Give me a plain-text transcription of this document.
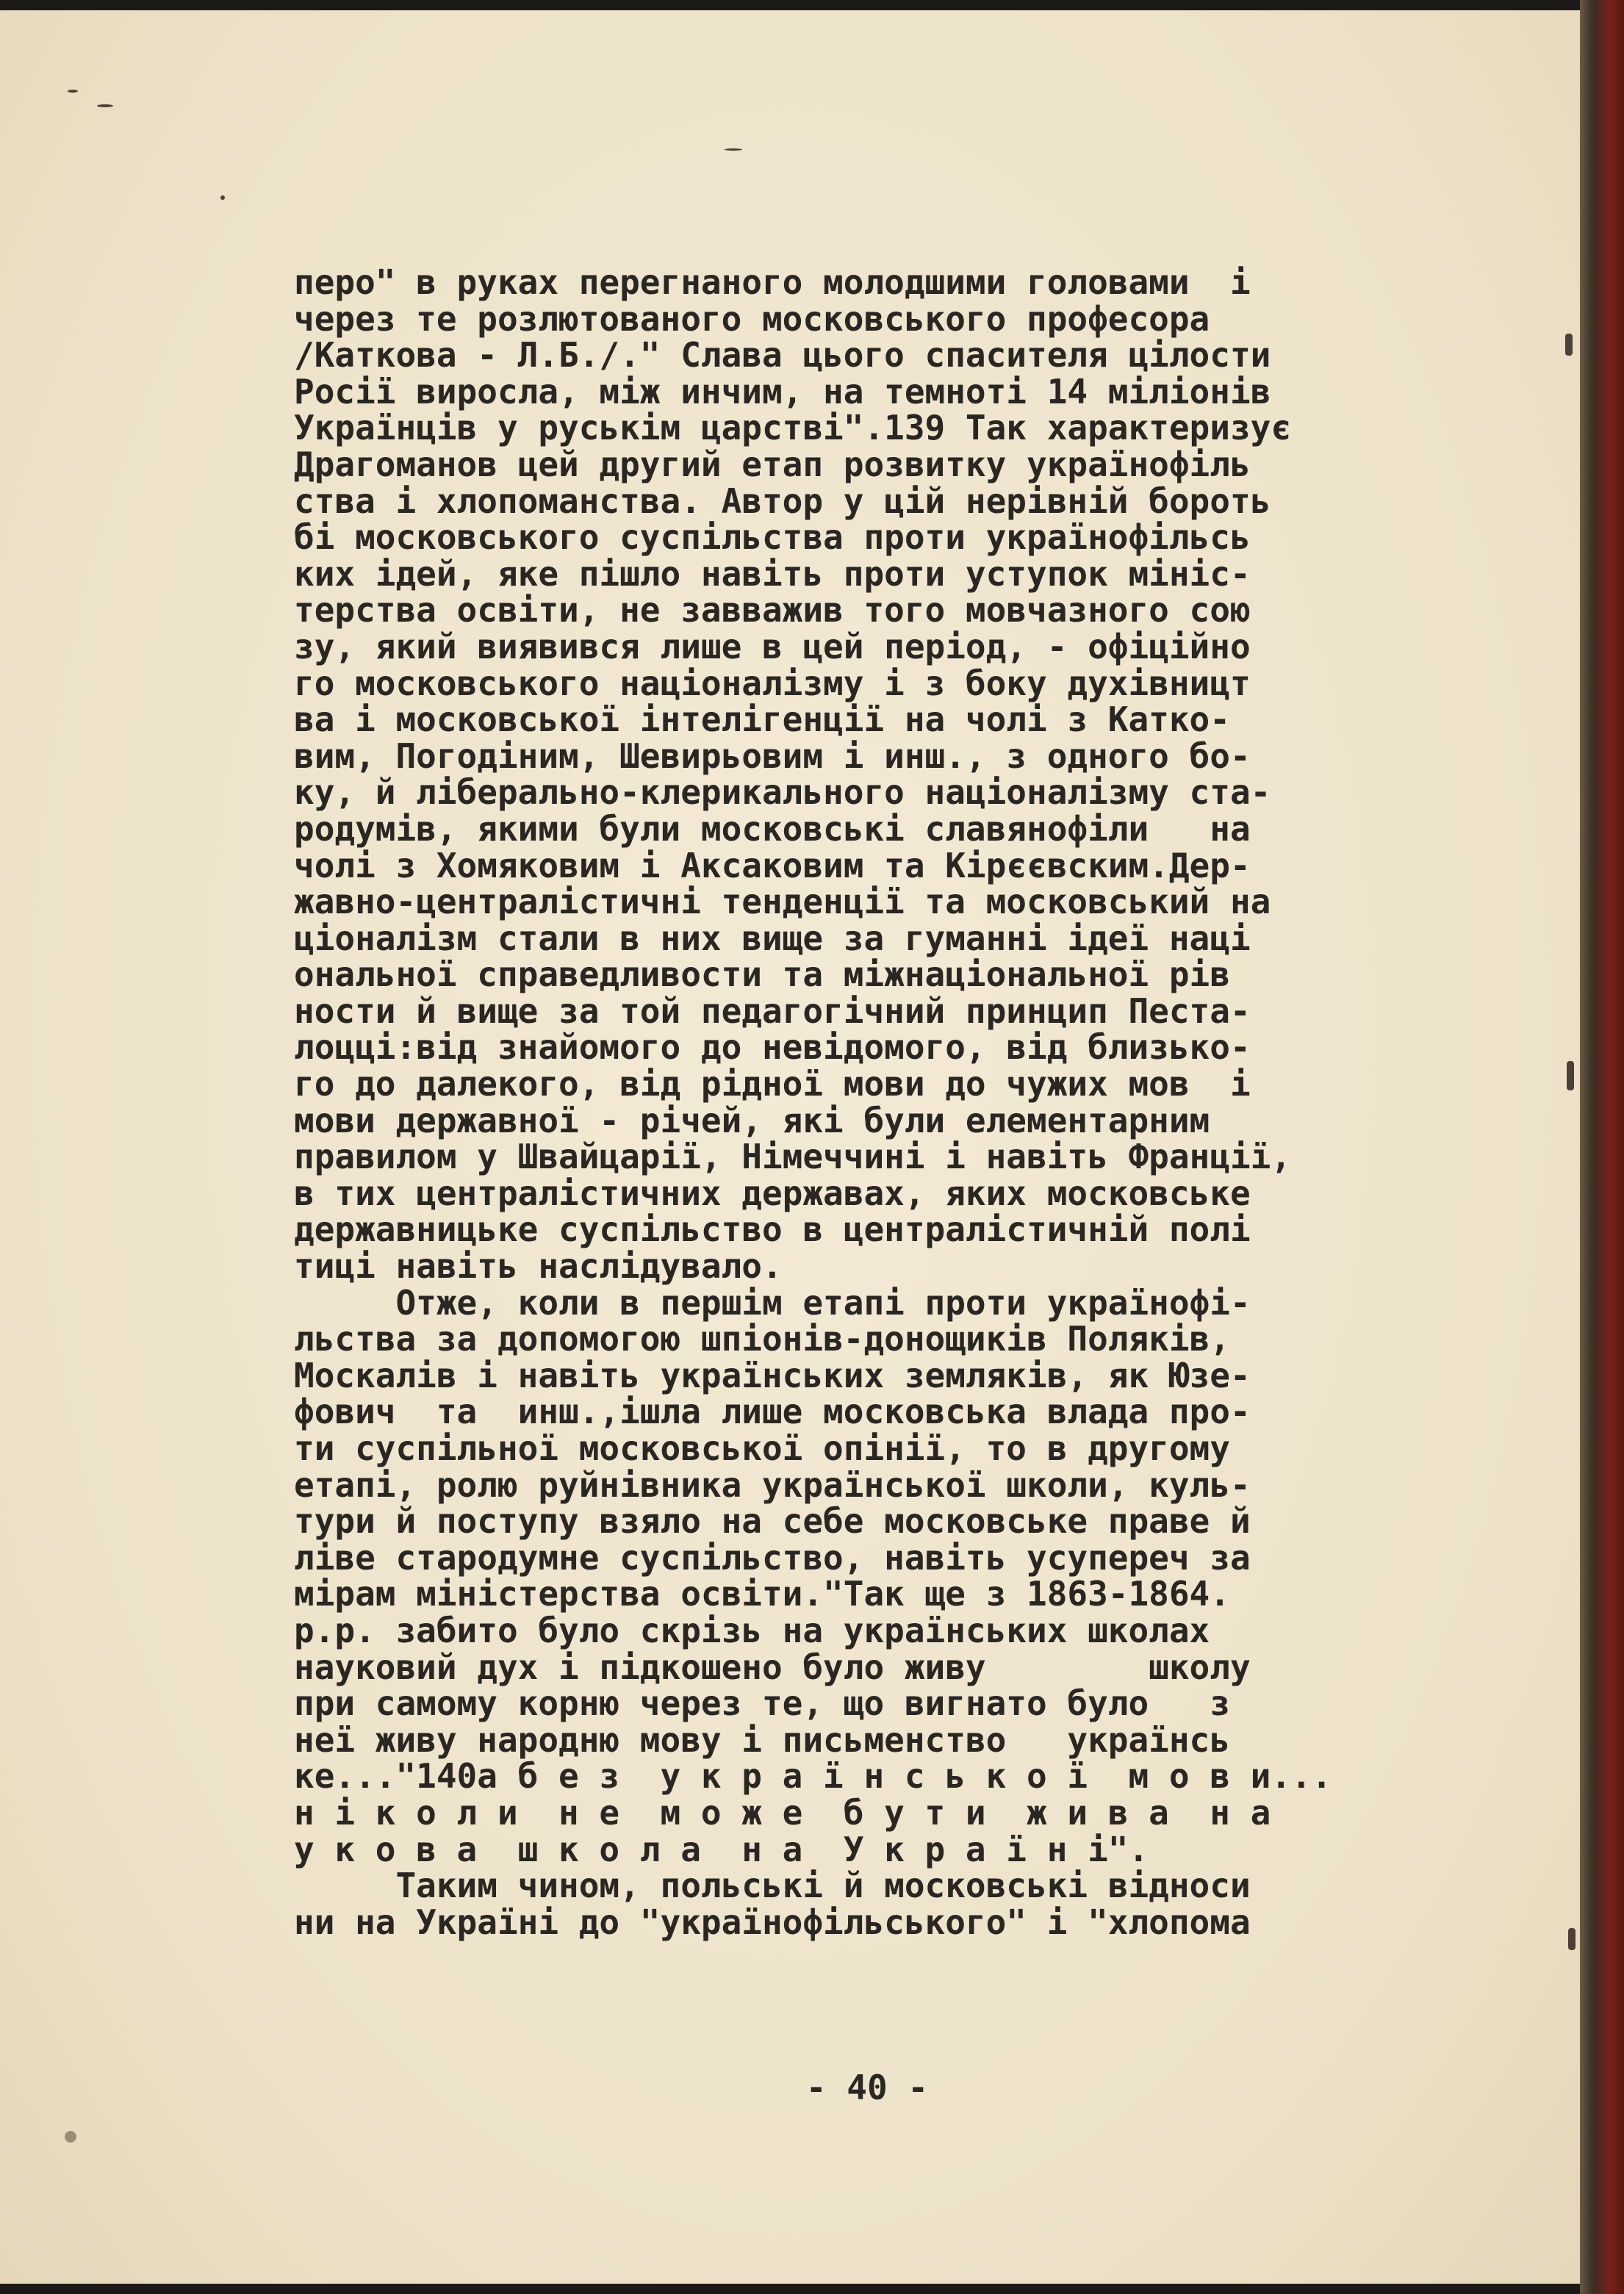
перо" в руках перегнаного молодшими головами  і
через те розлютованого московського професора
/Каткова - Л.Б./." Слава цього спасителя цілости
Росії виросла, між инчим, на темноті 14 міліонів
Українців у руськім царстві".139 Так характеризує
Драгоманов цей другий етап розвитку українофіль
ства і хлопоманства. Автор у цій нерівній бороть
бі московського суспільства проти українофільсь
ких ідей, яке пішло навіть проти уступок мініс-
терства освіти, не завважив того мовчазного сою
зу, який виявився лише в цей період, - офіційно
го московського націоналізму і з боку духівницт
ва і московської інтелігенції на чолі з Катко-
вим, Погодіним, Шевирьовим і инш., з одного бо-
ку, й ліберально-клерикального націоналізму ста-
родумів, якими були московські славянофіли   на
чолі з Хомяковим і Аксаковим та Кірєєвским.Дер-
жавно-централістичні тенденції та московський на
ціоналізм стали в них вище за гуманні ідеї наці
ональної справедливости та міжнаціональної рів
ности й вище за той педагогічний принцип Песта-
лоцці:від знайомого до невідомого, від близько-
го до далекого, від рідної мови до чужих мов  і
мови державної - річей, які були елементарним
правилом у Швайцарії, Німеччині і навіть Франції,
в тих централістичних державах, яких московське
державницьке суспільство в централістичній полі
тиці навіть наслідувало.
Отже, коли в першім етапі проти українофі-
льства за допомогою шпіонів-донощиків Поляків,
Москалів і навіть українських земляків, як Юзе-
фович  та  инш.,ішла лише московська влада про-
ти суспільної московської опінії, то в другому
етапі, ролю руйнівника української школи, куль-
тури й поступу взяло на себе московське праве й
ліве стародумне суспільство, навіть усупереч за
мірам міністерства освіти."Так ще з 1863-1864.
р.р. забито було скрізь на українських школах
науковий дух і підкошено було живу        школу
при самому корню через те, що вигнато було   з
неї живу народню мову і письменство   українсь
ке..."140а б е з  у к р а ї н с ь к о ї  м о в и...
н і к о л и  н е  м о ж е  б у т и  ж и в а  н а
у к о в а  ш к о л а  н а  У к р а ї н і".
Таким чином, польські й московські відноси
ни на Україні до "українофільського" і "хлопома
- 40 -
